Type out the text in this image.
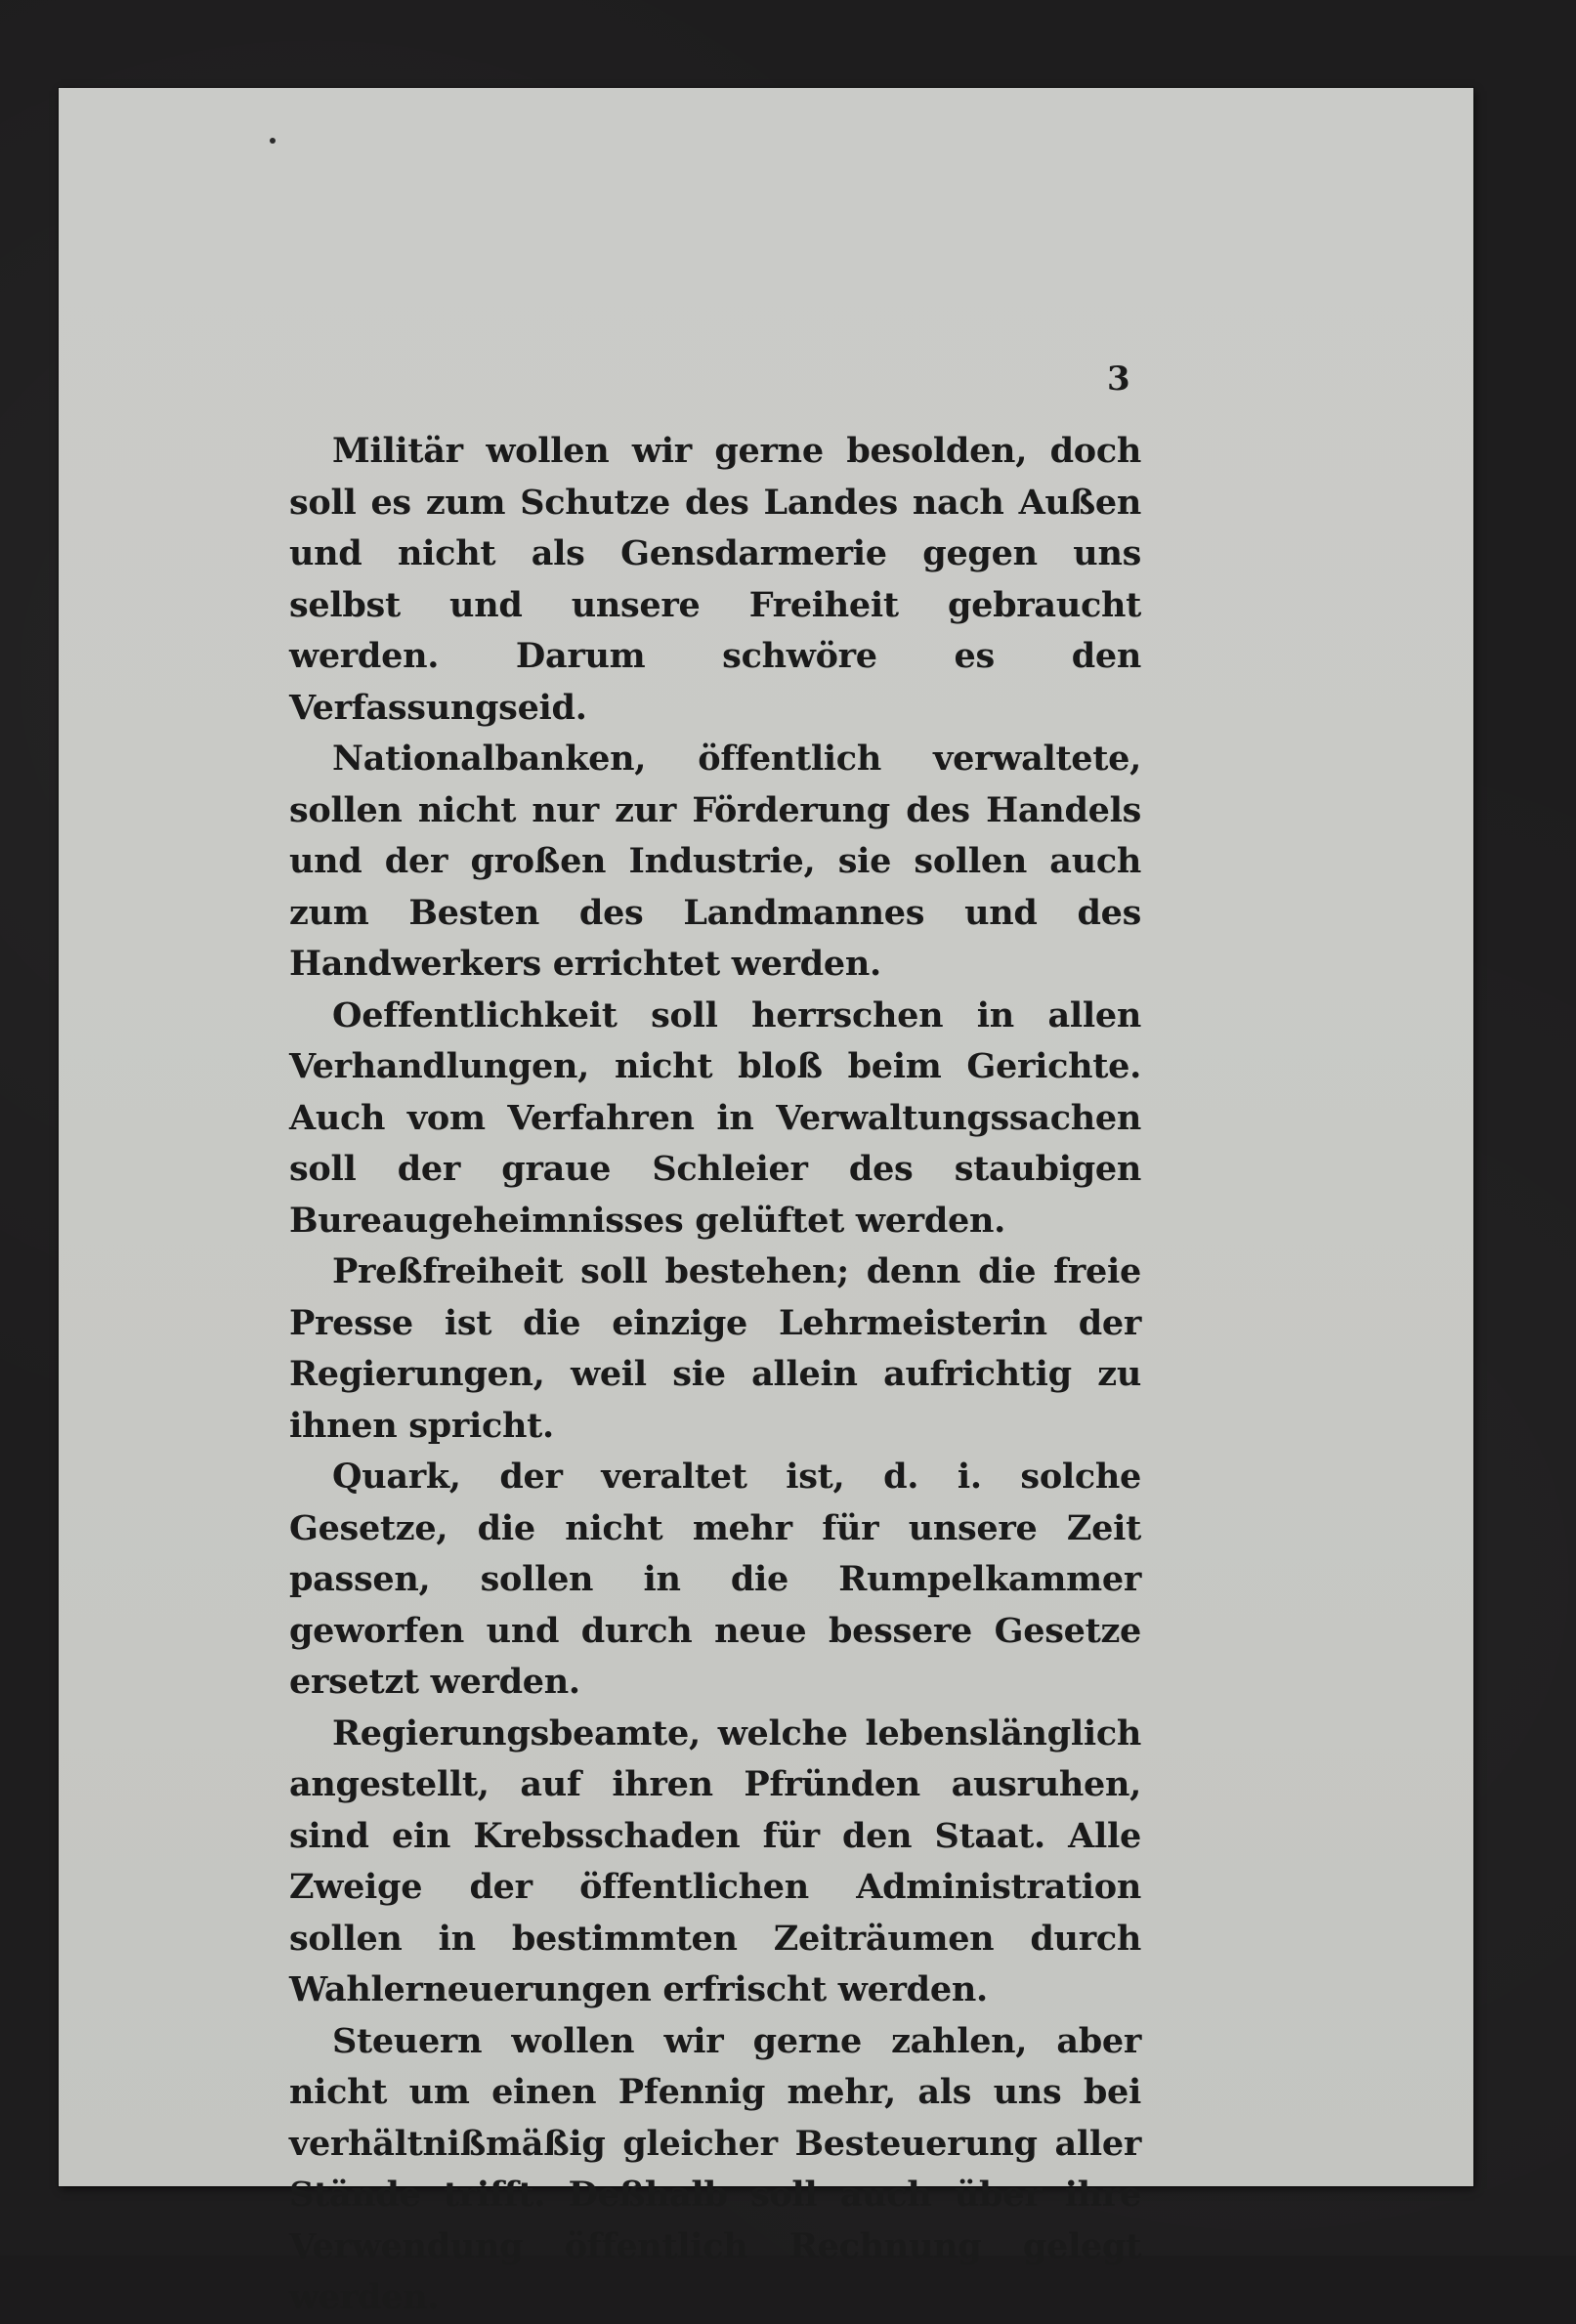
3

Militär wollen wir gerne besolden, doch soll es zum Schutze des Landes nach Außen und nicht als Gensdarmerie gegen uns selbst und unsere Freiheit gebraucht werden. Darum schwöre es den Verfassungseid.

Nationalbanken, öffentlich verwaltete, sollen nicht nur zur Förderung des Handels und der großen Industrie, sie sollen auch zum Besten des Landmannes und des Handwerkers errichtet werden.

Oeffentlichkeit soll herrschen in allen Verhandlungen, nicht bloß beim Gerichte. Auch vom Verfahren in Verwaltungssachen soll der graue Schleier des staubigen Bureaugeheimnisses gelüftet werden.

Preßfreiheit soll bestehen; denn die freie Presse ist die einzige Lehrmeisterin der Regierungen, weil sie allein aufrichtig zu ihnen spricht.

Quark, der veraltet ist, d. i. solche Gesetze, die nicht mehr für unsere Zeit passen, sollen in die Rumpelkammer geworfen und durch neue bessere Gesetze ersetzt werden.

Regierungsbeamte, welche lebenslänglich angestellt, auf ihren Pfründen ausruhen, sind ein Krebsschaden für den Staat. Alle Zweige der öffentlichen Administration sollen in bestimmten Zeiträumen durch Wahlerneuerungen erfrischt werden.

Steuern wollen wir gerne zahlen, aber nicht um einen Pfennig mehr, als uns bei verhältnißmäßig gleicher Besteuerung aller Stände trifft. Deßhalb soll auch über ihre Verwendung öffentlich Rechnung gelegt werden.
